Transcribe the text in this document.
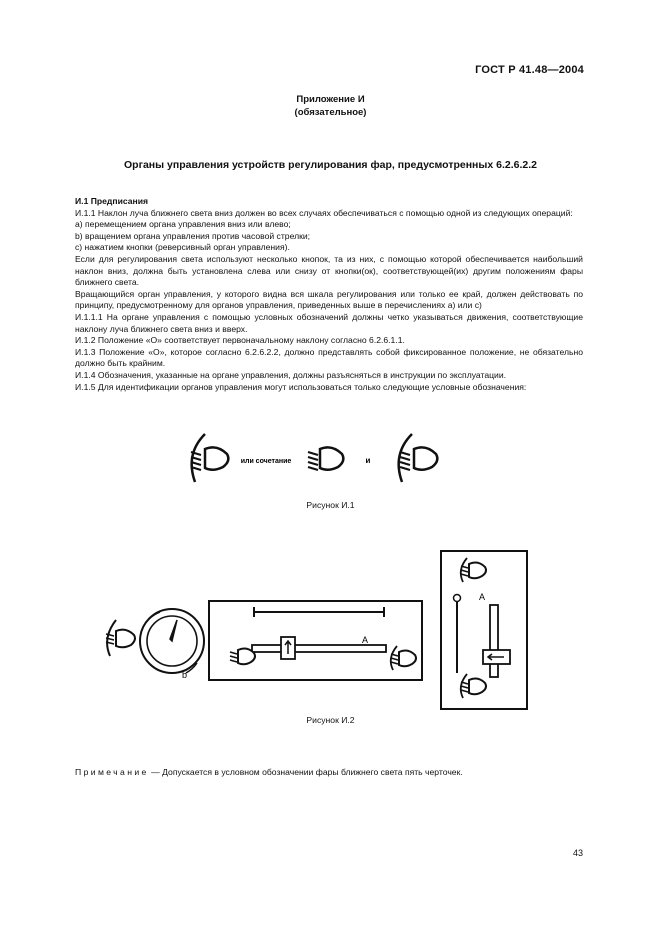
ГОСТ Р 41.48—2004
Приложение И
(обязательное)
Органы управления устройств регулирования фар, предусмотренных 6.2.6.2.2

И.1 Предписания

И.1.1 Наклон луча ближнего света вниз должен во всех случаях обеспечиваться с помощью одной из следующих операций:

а) перемещением органа управления вниз или влево;

b) вращением органа управления против часовой стрелки;

с) нажатием кнопки (реверсивный орган управления).

Если для регулирования света используют несколько кнопок, та из них, с помощью которой обеспечивается наибольший наклон вниз, должна быть установлена слева или снизу от кнопки(ок), соответствующей(их) другим положениям фары ближнего света.

Вращающийся орган управления, у которого видна вся шкала регулирования или только ее край, должен действовать по принципу, предусмотренному для органов управления, приведенных выше в перечислениях а) или с)

И.1.1.1 На органе управления с помощью условных обозначений должны четко указываться движения, соответствующие наклону луча ближнего света вниз и вверх.

И.1.2 Положение «О» соответствует первоначальному наклону согласно 6.2.6.1.1.

И.1.3 Положение «О», которое согласно 6.2.6.2.2, должно представлять собой фиксированное положение, не обязательно должно быть крайним.

И.1.4 Обозначения, указанные на органе управления, должны разъясняться в инструкции по эксплуатации.

И.1.5 Для идентификации органов управления могут использоваться только следующие условные обозначения:

или сочетание	и
Рисунок И.1
b
A
A
Рисунок И.2
Примечание — Допускается в условном обозначении фары ближнего света пять черточек.
43
